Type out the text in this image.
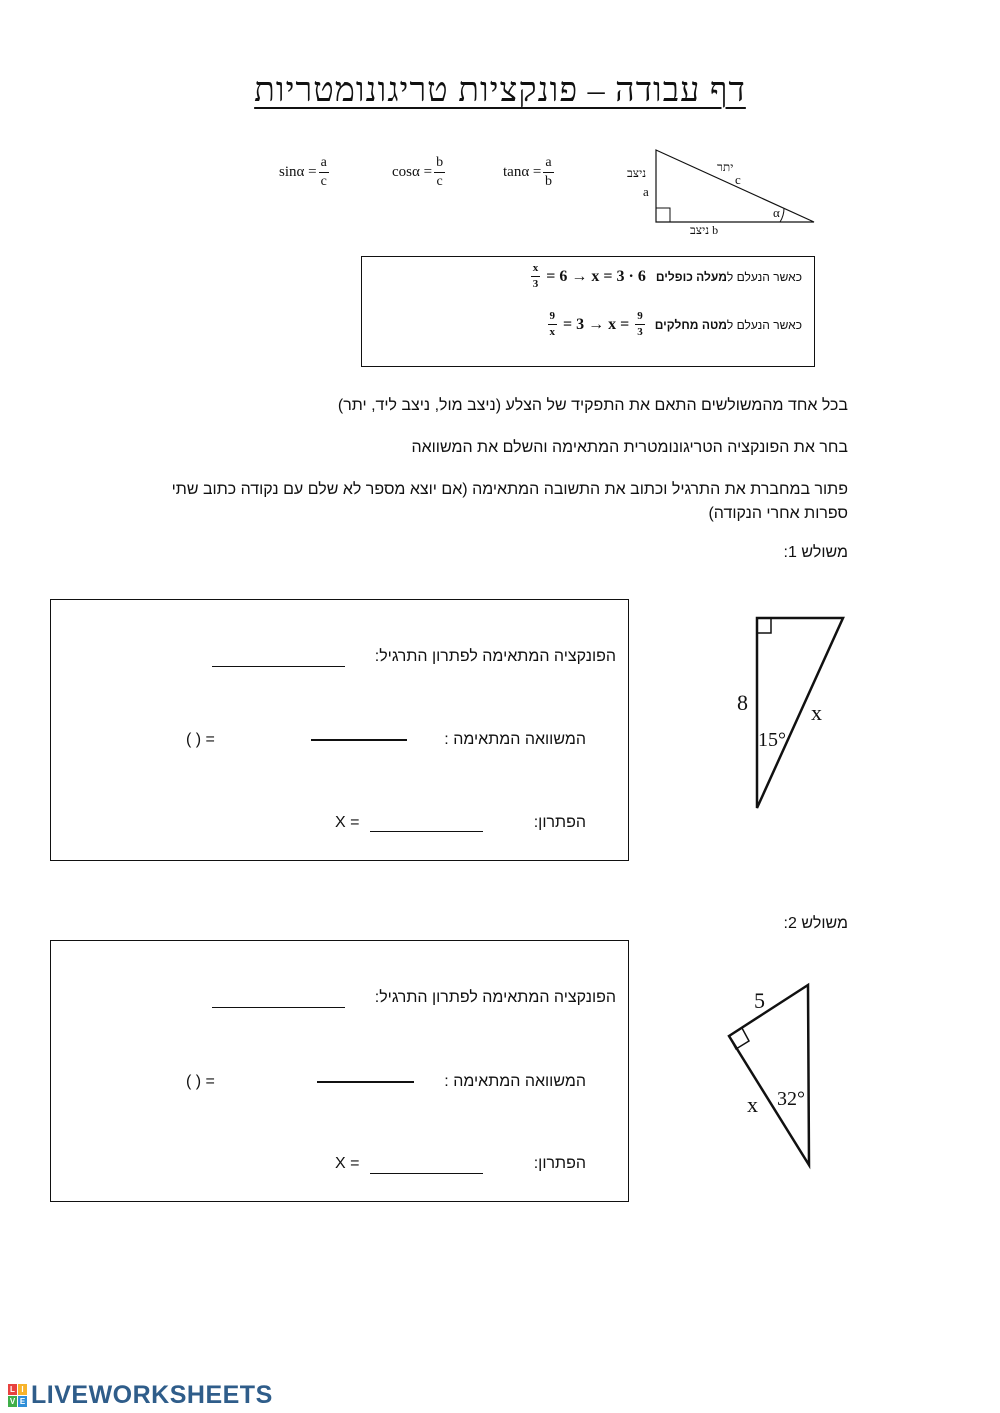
דף עבודה – פונקציות טריגונומטריות
$\sin\alpha = \frac{a}{c}$	$\cos\alpha = \frac{b}{c}$	$\tan\alpha = \frac{a}{b}$	יתר
c
ניצב
a
ניצב b
α
כאשר הנעלם למעלה כופלים
$\frac{x}{3} = 6 \to x = 3 \cdot 6$
כאשר הנעלם למטה מחלקים
$\frac{9}{x} = 3 \to x = \frac{9}{3}$
בכל אחד מהמשולשים התאם את התפקיד של הצלע (ניצב מול, ניצב ליד, יתר)
בחר את הפונקציה הטריגונומטרית המתאימה והשלם את המשוואה
פתור במחברת את התרגיל וכתוב את התשובה המתאימה (אם יוצא מספר לא שלם עם נקודה כתוב שתי ספרות אחרי הנקודה)
משולש 1:
הפונקציה המתאימה לפתרון התרגיל:
המשוואה המתאימה :
( ) =
הפתרון:
X =
8	x
15°
משולש 2:
הפונקציה המתאימה לפתרון התרגיל:
המשוואה המתאימה :
( ) =
הפתרון:
X =
5
x 32°
L I
V E LIVEWORKSHEETS
